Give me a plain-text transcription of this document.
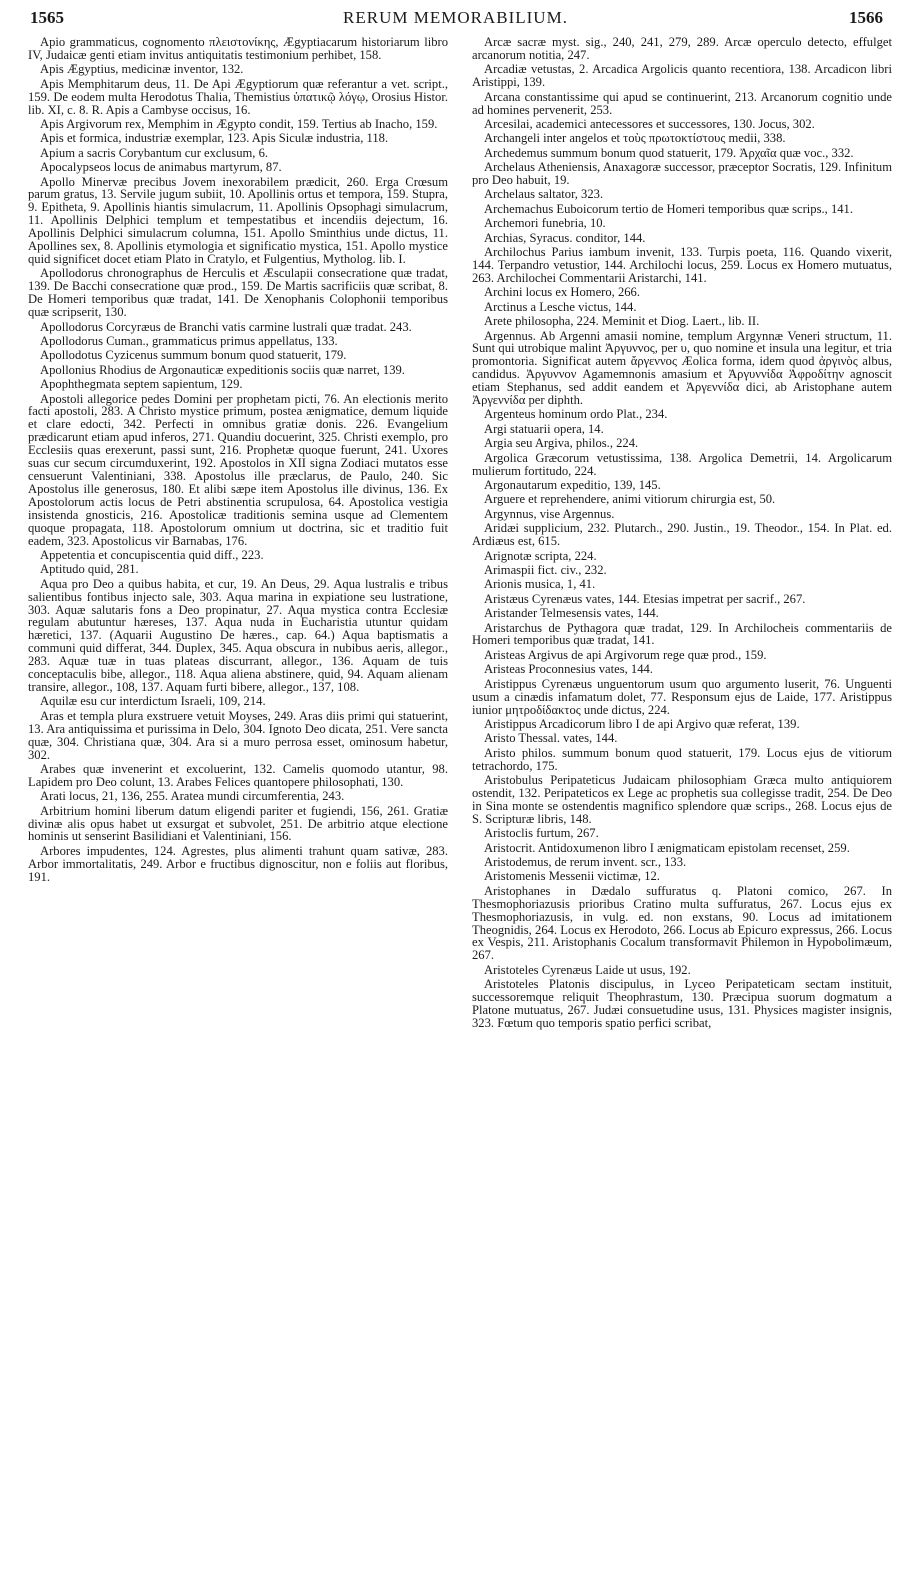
1565	RERUM MEMORABILIUM.	1566

Apio grammaticus, cognomento πλειστονίκης, Ægyptiacarum historiarum libro IV, Judaicæ genti etiam invitus antiquitatis testimonium perhibet, 158.

Apis Ægyptius, medicinæ inventor, 132.

Apis Memphitarum deus, 11. De Api Ægyptiorum quæ referantur a vet. script., 159. De eodem multa Herodotus Thalia, Themistius ὑπατικῷ λόγῳ, Orosius Histor. lib. XI, c. 8. R. Apis a Cambyse occisus, 16.

Apis Argivorum rex, Memphim in Ægypto condit, 159. Tertius ab Inacho, 159.

Apis et formica, industriæ exemplar, 123. Apis Siculæ industria, 118.

Apium a sacris Corybantum cur exclusum, 6.

Apocalypseos locus de animabus martyrum, 87.

Apollo Minervæ precibus Jovem inexorabilem prædicit, 260. Erga Crœsum parum gratus, 13. Servile jugum subiit, 10. Apollinis ortus et tempora, 159. Stupra, 9. Epitheta, 9. Apollinis hiantis simulacrum, 11. Apollinis Opsophagi simulacrum, 11. Apollinis Delphici templum et tempestatibus et incendiis dejectum, 16. Apollinis Delphici simulacrum columna, 151. Apollo Sminthius unde dictus, 11. Apollines sex, 8. Apollinis etymologia et significatio mystica, 151. Apollo mystice quid significet docet etiam Plato in Cratylo, et Fulgentius, Mytholog. lib. I.

Apollodorus chronographus de Herculis et Æsculapii consecratione quæ tradat, 139. De Bacchi consecratione quæ prod., 159. De Martis sacrificiis quæ scribat, 8. De Homeri temporibus quæ tradat, 141. De Xenophanis Colophonii temporibus quæ scripserit, 130.

Apollodorus Corcyræus de Branchi vatis carmine lustrali quæ tradat. 243.

Apollodorus Cuman., grammaticus primus appellatus, 133.

Apollodotus Cyzicenus summum bonum quod statuerit, 179.

Apollonius Rhodius de Argonauticæ expeditionis sociis quæ narret, 139.

Apophthegmata septem sapientum, 129.

Apostoli allegorice pedes Domini per prophetam picti, 76. An electionis merito facti apostoli, 283. A Christo mystice primum, postea ænigmatice, demum liquide et clare edocti, 342. Perfecti in omnibus gratiæ donis. 226. Evangelium prædicarunt etiam apud inferos, 271. Quandiu docuerint, 325. Christi exemplo, pro Ecclesiis quas erexerunt, passi sunt, 216. Prophetæ quoque fuerunt, 241. Uxores suas cur secum circumduxerint, 192. Apostolos in XII signa Zodiaci mutatos esse censuerunt Valentiniani, 338. Apostolus ille præclarus, de Paulo, 240. Sic Apostolus ille generosus, 180. Et alibi sæpe item Apostolus ille divinus, 136. Ex Apostolorum actis locus de Petri abstinentia scrupulosa, 64. Apostolica vestigia insistenda gnosticis, 216. Apostolicæ traditionis semina usque ad Clementem quoque propagata, 118. Apostolorum omnium ut doctrina, sic et traditio fuit eadem, 323. Apostolicus vir Barnabas, 176.

Appetentia et concupiscentia quid diff., 223.

Aptitudo quid, 281.

Aqua pro Deo a quibus habita, et cur, 19. An Deus, 29. Aqua lustralis e tribus salientibus fontibus injecto sale, 303. Aqua marina in expiatione seu lustratione, 303. Aquæ salutaris fons a Deo propinatur, 27. Aqua mystica contra Ecclesiæ regulam abutuntur hæreses, 137. Aqua nuda in Eucharistia utuntur quidam hæretici, 137. (Aquarii Augustino De hæres., cap. 64.) Aqua baptismatis a communi quid differat, 344. Duplex, 345. Aqua obscura in nubibus aeris, allegor., 283. Aquæ tuæ in tuas plateas discurrant, allegor., 136. Aquam de tuis conceptaculis bibe, allegor., 118. Aqua aliena abstinere, quid, 94. Aquam alienam transire, allegor., 108, 137. Aquam furti bibere, allegor., 137, 108.

Aquilæ esu cur interdictum Israeli, 109, 214.

Aras et templa plura exstruere vetuit Moyses, 249. Aras diis primi qui statuerint, 13. Ara antiquissima et purissima in Delo, 304. Ignoto Deo dicata, 251. Vere sancta quæ, 304. Christiana quæ, 304. Ara si a muro perrosa esset, ominosum habetur, 302.

Arabes quæ invenerint et excoluerint, 132. Camelis quomodo utantur, 98. Lapidem pro Deo colunt, 13. Arabes Felices quantopere philosophati, 130.

Arati locus, 21, 136, 255. Aratea mundi circumferentia, 243.

Arbitrium homini liberum datum eligendi pariter et fugiendi, 156, 261. Gratiæ divinæ alis opus habet ut exsurgat et subvolet, 251. De arbitrio atque electione hominis ut senserint Basilidiani et Valentiniani, 156.

Arbores impudentes, 124. Agrestes, plus alimenti trahunt quam sativæ, 283. Arbor immortalitatis, 249. Arbor e fructibus dignoscitur, non e foliis aut floribus, 191.

Arcæ sacræ myst. sig., 240, 241, 279, 289. Arcæ operculo detecto, effulget arcanorum notitia, 247.

Arcadiæ vetustas, 2. Arcadica Argolicis quanto recentiora, 138. Arcadicon libri Aristippi, 139.

Arcana constantissime qui apud se continuerint, 213. Arcanorum cognitio unde ad homines pervenerit, 253.

Arcesilai, academici antecessores et successores, 130. Jocus, 302.

Archangeli inter angelos et τοὺς πρωτοκτίστους medii, 338.

Archedemus summum bonum quod statuerit, 179. Ἀρχαῖα quæ voc., 332.

Archelaus Atheniensis, Anaxagoræ successor, præceptor Socratis, 129. Infinitum pro Deo habuit, 19.

Archelaus saltator, 323.

Archemachus Euboicorum tertio de Homeri temporibus quæ scrips., 141.

Archemori funebria, 10.

Archias, Syracus. conditor, 144.

Archilochus Parius iambum invenit, 133. Turpis poeta, 116. Quando vixerit, 144. Terpandro vetustior, 144. Archilochi locus, 259. Locus ex Homero mutuatus, 263. Archilochei Commentarii Aristarchi, 141.

Archini locus ex Homero, 266.

Arctinus a Lesche victus, 144.

Arete philosopha, 224. Meminit et Diog. Laert., lib. II.

Argennus. Ab Argenni amasii nomine, templum Argynnæ Veneri structum, 11. Sunt qui utrobique malint Ἀργυννος, per υ, quo nomine et insula una legitur, et tria promontoria. Significat autem ἄργεννος Æolica forma, idem quod ἀργινὸς albus, candidus. Ἀργυννον Agamemnonis amasium et Ἀργυννίδα Ἀφροδίτην agnoscit etiam Stephanus, sed addit eandem et Ἀργεννίδα dici, ab Aristophane autem Ἀργεννίδα per diphth.

Argenteus hominum ordo Plat., 234.

Argi statuarii opera, 14.

Argia seu Argiva, philos., 224.

Argolica Græcorum vetustissima, 138. Argolica Demetrii, 14. Argolicarum mulierum fortitudo, 224.

Argonautarum expeditio, 139, 145.

Arguere et reprehendere, animi vitiorum chirurgia est, 50.

Argynnus, vise Argennus.

Aridæi supplicium, 232. Plutarch., 290. Justin., 19. Theodor., 154. In Plat. ed. Ardiæus est, 615.

Arignotæ scripta, 224.

Arimaspii fict. civ., 232.

Arionis musica, 1, 41.

Aristæus Cyrenæus vates, 144. Etesias impetrat per sacrif., 267.

Aristander Telmesensis vates, 144.

Aristarchus de Pythagora quæ tradat, 129. In Archilocheis commentariis de Homeri temporibus quæ tradat, 141.

Aristeas Argivus de api Argivorum rege quæ prod., 159.

Aristeas Proconnesius vates, 144.

Aristippus Cyrenæus unguentorum usum quo argumento luserit, 76. Unguenti usum a cinædis infamatum dolet, 77. Responsum ejus de Laide, 177. Aristippus iunior μητροδίδακτος unde dictus, 224.

Aristippus Arcadicorum libro I de api Argivo quæ referat, 139.

Aristo Thessal. vates, 144.

Aristo philos. summum bonum quod statuerit, 179. Locus ejus de vitiorum tetrachordo, 175.

Aristobulus Peripateticus Judaicam philosophiam Græca multo antiquiorem ostendit, 132. Peripateticos ex Lege ac prophetis sua collegisse tradit, 254. De Deo in Sina monte se ostendentis magnifico splendore quæ scrips., 268. Locus ejus de S. Scripturæ libris, 148.

Aristoclis furtum, 267.

Aristocrit. Antidoxumenon libro I ænigmaticam epistolam recenset, 259.

Aristodemus, de rerum invent. scr., 133.

Aristomenis Messenii victimæ, 12.

Aristophanes in Dædalo suffuratus q. Platoni comico, 267. In Thesmophoriazusis prioribus Cratino multa suffuratus, 267. Locus ejus ex Thesmophoriazusis, in vulg. ed. non exstans, 90. Locus ad imitationem Theognidis, 264. Locus ex Herodoto, 266. Locus ab Epicuro expressus, 266. Locus ex Vespis, 211. Aristophanis Cocalum transformavit Philemon in Hypobolimæum, 267.

Aristoteles Cyrenæus Laide ut usus, 192.

Aristoteles Platonis discipulus, in Lyceo Peripateticam sectam instituit, successoremque reliquit Theophrastum, 130. Præcipua suorum dogmatum a Platone mutuatus, 267. Judæi consuetudine usus, 131. Physices magister insignis, 323. Fœtum quo temporis spatio perfici scribat,
